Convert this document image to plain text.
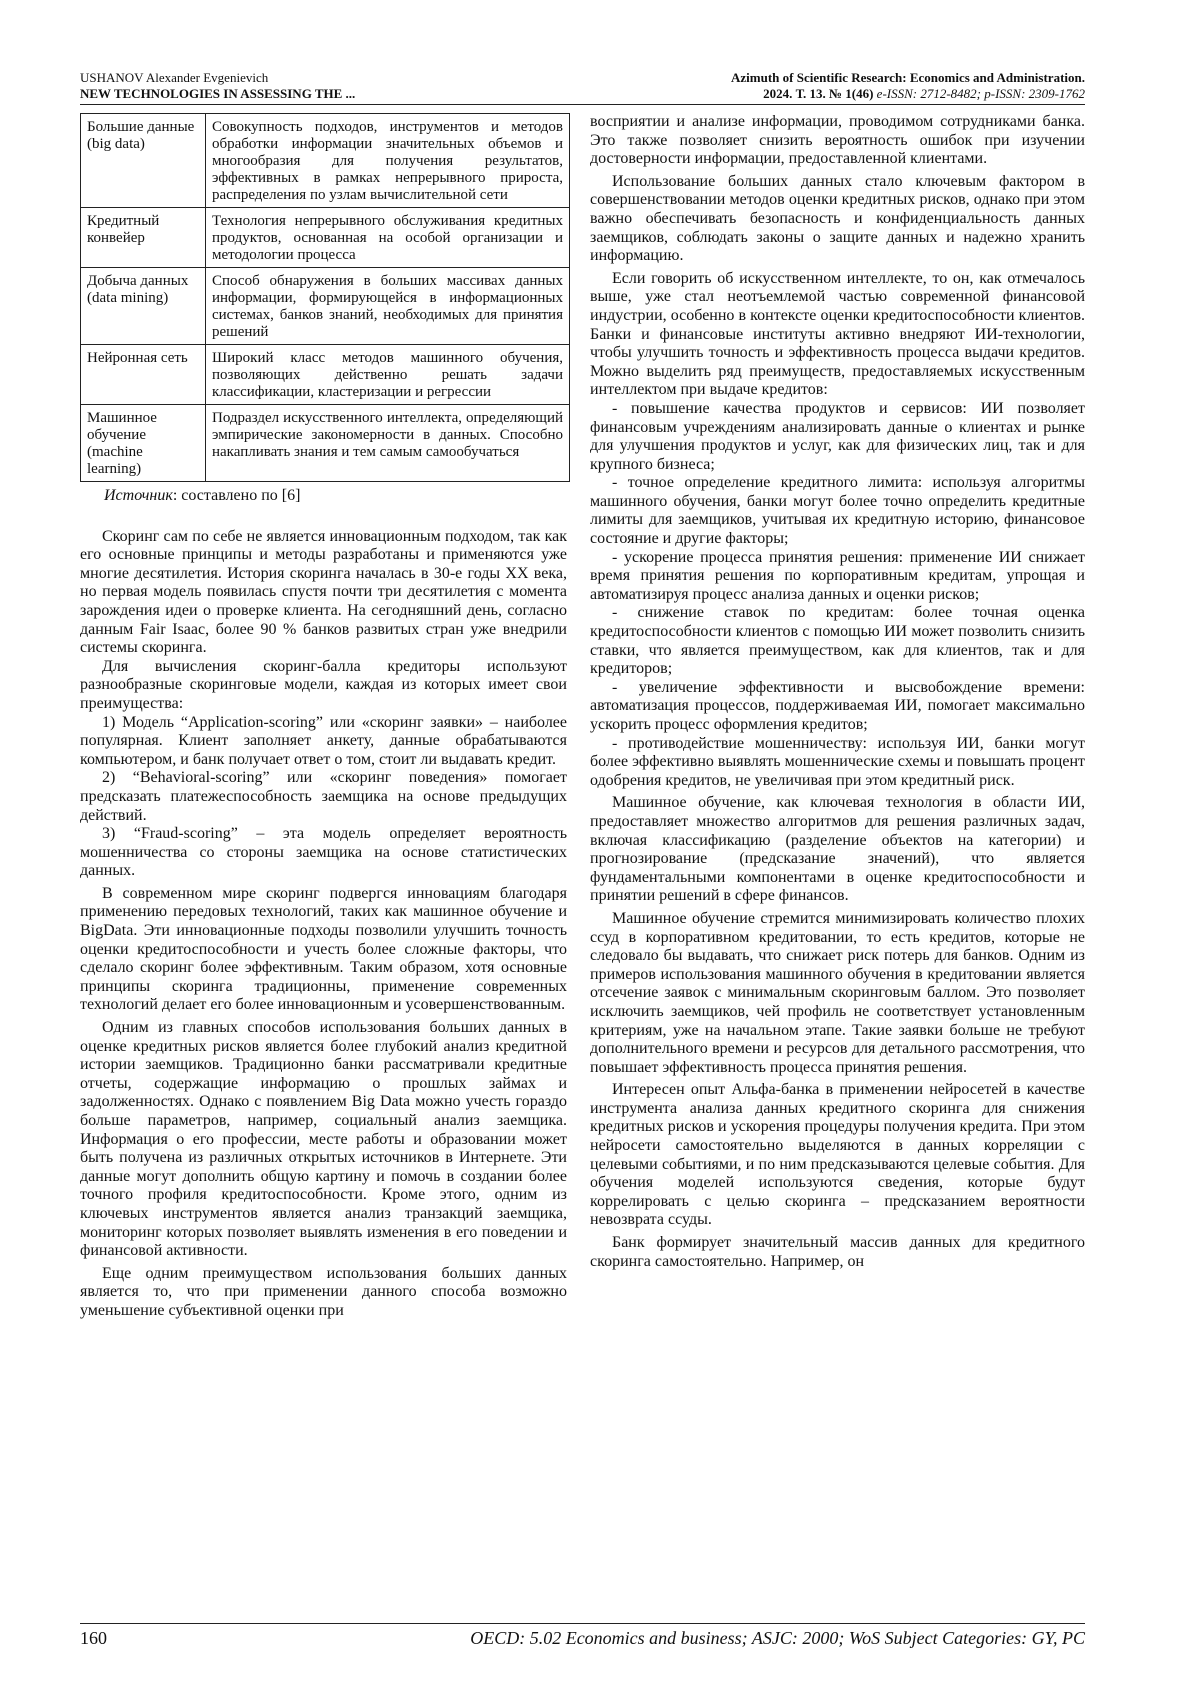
USHANOV Alexander Evgenievich
NEW TECHNOLOGIES IN ASSESSING THE ...
Azimuth of Scientific Research: Economics and Administration.
2024. Т. 13. № 1(46) e-ISSN: 2712-8482; p-ISSN: 2309-1762
Большие данные (big data)	Совокупность подходов, инструментов и методов обработки информации значительных объемов и многообразия для получения результатов, эффективных в рамках непрерывного прироста, распределения по узлам вычислительной сети
Кредитный конвейер	Технология непрерывного обслуживания кредитных продуктов, основанная на особой организации и методологии процесса
Добыча данных (data mining)	Способ обнаружения в больших массивах данных информации, формирующейся в информационных системах, банков знаний, необходимых для принятия решений
Нейронная сеть	Широкий класс методов машинного обучения, позволяющих действенно решать задачи классификации, кластеризации и регрессии
Машинное обучение (machine learning)	Подраздел искусственного интеллекта, определяющий эмпирические закономерности в данных. Способно накапливать знания и тем самым самообучаться
Источник: составлено по [6]

Скоринг сам по себе не является инновационным подходом, так как его основные принципы и методы разработаны и применяются уже многие десятилетия. История скоринга началась в 30-е годы XX века, но первая модель появилась спустя почти три десятилетия с момента зарождения идеи о проверке клиента. На сегодняшний день, согласно данным Fair Isaac, более 90 % банков развитых стран уже внедрили системы скоринга.

Для вычисления скоринг-балла кредиторы используют разнообразные скоринговые модели, каждая из которых имеет свои преимущества:

1) Модель “Application-scoring” или «скоринг заявки» – наиболее популярная. Клиент заполняет анкету, данные обрабатываются компьютером, и банк получает ответ о том, стоит ли выдавать кредит.

2) “Behavioral-scoring” или «скоринг поведения» помогает предсказать платежеспособность заемщика на основе предыдущих действий.

3) “Fraud-scoring” – эта модель определяет вероятность мошенничества со стороны заемщика на основе статистических данных.

В современном мире скоринг подвергся инновациям благодаря применению передовых технологий, таких как машинное обучение и BigData. Эти инновационные подходы позволили улучшить точность оценки кредитоспособности и учесть более сложные факторы, что сделало скоринг более эффективным. Таким образом, хотя основные принципы скоринга традиционны, применение современных технологий делает его более инновационным и усовершенствованным.

Одним из главных способов использования больших данных в оценке кредитных рисков является более глубокий анализ кредитной истории заемщиков. Традиционно банки рассматривали кредитные отчеты, содержащие информацию о прошлых займах и задолженностях. Однако с появлением Big Data можно учесть гораздо больше параметров, например, социальный анализ заемщика. Информация о его профессии, месте работы и образовании может быть получена из различных открытых источников в Интернете. Эти данные могут дополнить общую картину и помочь в создании более точного профиля кредитоспособности. Кроме этого, одним из ключевых инструментов является анализ транзакций заемщика, мониторинг которых позволяет выявлять изменения в его поведении и финансовой активности.

Еще одним преимуществом использования больших данных является то, что при применении данного способа возможно уменьшение субъективной оценки при

восприятии и анализе информации, проводимом сотрудниками банка. Это также позволяет снизить вероятность ошибок при изучении достоверности информации, предоставленной клиентами.

Использование больших данных стало ключевым фактором в совершенствовании методов оценки кредитных рисков, однако при этом важно обеспечивать безопасность и конфиденциальность данных заемщиков, соблюдать законы о защите данных и надежно хранить информацию.

Если говорить об искусственном интеллекте, то он, как отмечалось выше, уже стал неотъемлемой частью современной финансовой индустрии, особенно в контексте оценки кредитоспособности клиентов. Банки и финансовые институты активно внедряют ИИ-технологии, чтобы улучшить точность и эффективность процесса выдачи кредитов. Можно выделить ряд преимуществ, предоставляемых искусственным интеллектом при выдаче кредитов:

- повышение качества продуктов и сервисов: ИИ позволяет финансовым учреждениям анализировать данные о клиентах и рынке для улучшения продуктов и услуг, как для физических лиц, так и для крупного бизнеса;

- точное определение кредитного лимита: используя алгоритмы машинного обучения, банки могут более точно определить кредитные лимиты для заемщиков, учитывая их кредитную историю, финансовое состояние и другие факторы;

- ускорение процесса принятия решения: применение ИИ снижает время принятия решения по корпоративным кредитам, упрощая и автоматизируя процесс анализа данных и оценки рисков;

- снижение ставок по кредитам: более точная оценка кредитоспособности клиентов с помощью ИИ может позволить снизить ставки, что является преимуществом, как для клиентов, так и для кредиторов;

- увеличение эффективности и высвобождение времени: автоматизация процессов, поддерживаемая ИИ, помогает максимально ускорить процесс оформления кредитов;

- противодействие мошенничеству: используя ИИ, банки могут более эффективно выявлять мошеннические схемы и повышать процент одобрения кредитов, не увеличивая при этом кредитный риск.

Машинное обучение, как ключевая технология в области ИИ, предоставляет множество алгоритмов для решения различных задач, включая классификацию (разделение объектов на категории) и прогнозирование (предсказание значений), что является фундаментальными компонентами в оценке кредитоспособности и принятии решений в сфере финансов.

Машинное обучение стремится минимизировать количество плохих ссуд в корпоративном кредитовании, то есть кредитов, которые не следовало бы выдавать, что снижает риск потерь для банков. Одним из примеров использования машинного обучения в кредитовании является отсечение заявок с минимальным скоринговым баллом. Это позволяет исключить заемщиков, чей профиль не соответствует установленным критериям, уже на начальном этапе. Такие заявки больше не требуют дополнительного времени и ресурсов для детального рассмотрения, что повышает эффективность процесса принятия решения.

Интересен опыт Альфа-банка в применении нейросетей в качестве инструмента анализа данных кредитного скоринга для снижения кредитных рисков и ускорения процедуры получения кредита. При этом нейросети самостоятельно выделяются в данных корреляции с целевыми событиями, и по ним предсказываются целевые события. Для обучения моделей используются сведения, которые будут коррелировать с целью скоринга – предсказанием вероятности невозврата ссуды.

Банк формирует значительный массив данных для кредитного скоринга самостоятельно. Например, он

160	OECD: 5.02 Economics and business; ASJC: 2000; WoS Subject Categories: GY, PC
